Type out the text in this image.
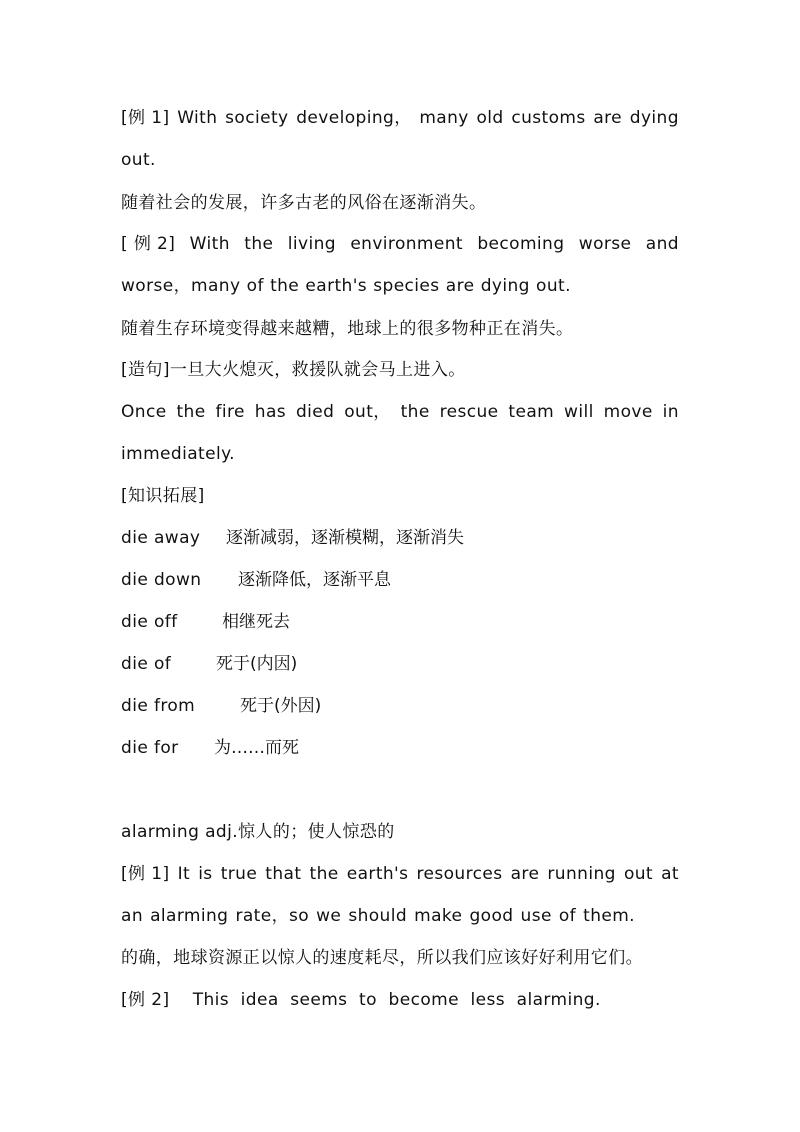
[例 1] With society developing， many old customs are dying
out.
随着社会的发展，许多古老的风俗在逐渐消失。
[ 例 2] With the living environment becoming worse and
worse，many of the earth's species are dying out.
随着生存环境变得越来越糟，地球上的很多物种正在消失。
[造句]一旦大火熄灭，救援队就会马上进入。
Once the fire has died out， the rescue team will move in
immediately.
[知识拓展]
die away 逐渐减弱，逐渐模糊，逐渐消失
die down 逐渐降低，逐渐平息
die off	相继死去
die of	死于(内因)
die from	死于(外因)
die for 为……而死
alarming adj.惊人的；使人惊恐的
[例 1] It is true that the earth's resources are running out at
an alarming rate，so we should make good use of them.
的确，地球资源正以惊人的速度耗尽，所以我们应该好好利用它们。
[例 2]    This  idea  seems  to  become  less  alarming.
